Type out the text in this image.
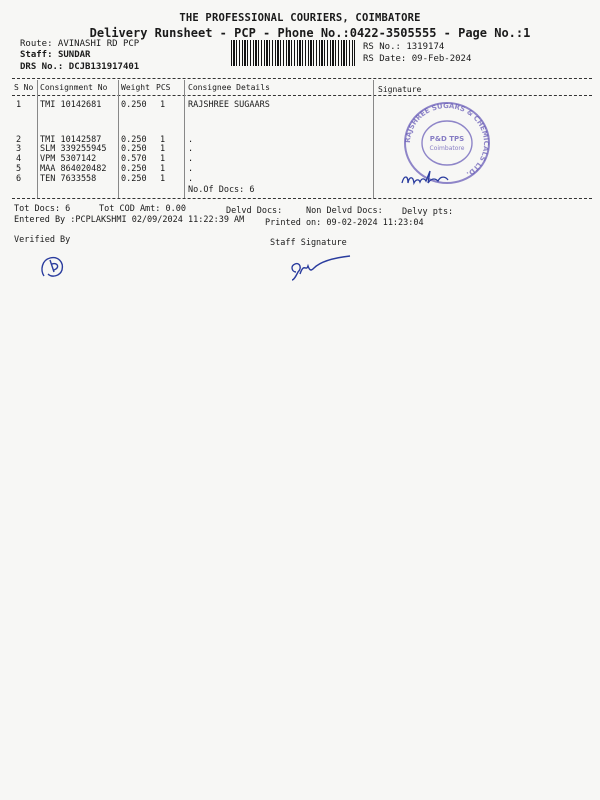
THE PROFESSIONAL COURIERS, COIMBATORE
Delivery Runsheet - PCP - Phone No.:0422-3505555 - Page No.:1
Route: AVINASHI RD PCP
Staff: SUNDAR
DRS No.: DCJB131917401
RS No.: 1319174
RS Date: 09-Feb-2024
S No Consignment No Weight PCS Consignee Details	Signature
1 TMI 10142681 0.250 1	RAJSHREE SUGAARS
2 TMI 10142587 0.250 1	.
3 SLM 339255945 0.250 1	.
4 VPM 5307142	0.570 1	.
5 MAA 864020482 0.250 1	.
6 TEN 7633558	0.250 1	.
No.Of Docs: 6
RAJSHREE SUGARS & CHEMICALS LTD.
P&D TPS
Coimbatore
Tot Docs: 6	Tot COD Amt: 0.00	Delvd Docs:	Non Delvd Docs: Delvy pts:
Entered By :PCPLAKSHMI 02/09/2024 11:22:39 AM Printed on: 09-02-2024 11:23:04
Verified By	Staff Signature
